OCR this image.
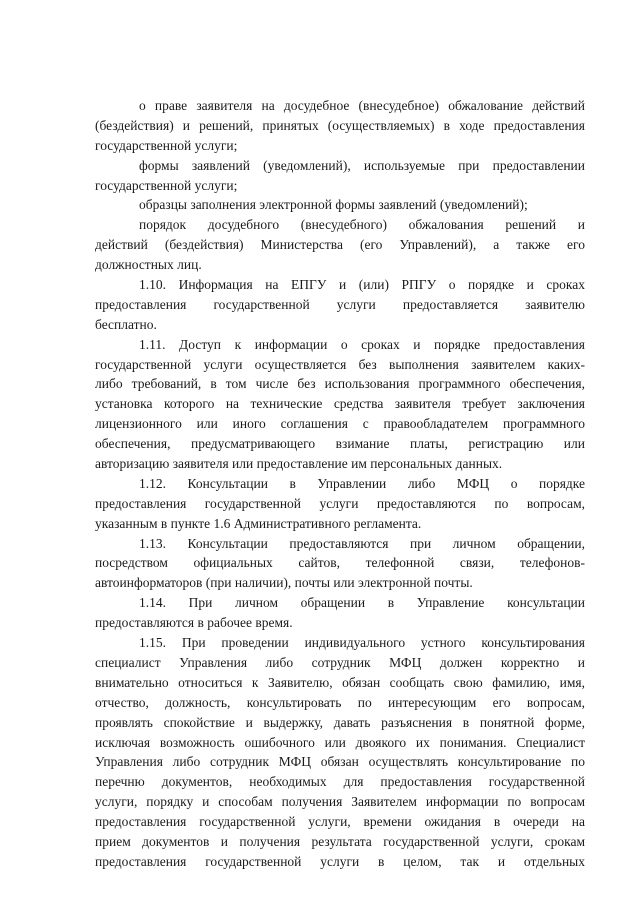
о праве заявителя на досудебное (внесудебное) обжалование действий
(бездействия) и решений, принятых (осуществляемых) в ходе предоставления
государственной услуги;
формы заявлений (уведомлений), используемые при предоставлении
государственной услуги;
образцы заполнения электронной формы заявлений (уведомлений);
порядок досудебного (внесудебного) обжалования решений и
действий (бездействия) Министерства (его Управлений), а также его
должностных лиц.
1.10. Информация на ЕПГУ и (или) РПГУ о порядке и сроках
предоставления государственной услуги предоставляется заявителю
бесплатно.
1.11. Доступ к информации о сроках и порядке предоставления
государственной услуги осуществляется без выполнения заявителем каких-
либо требований, в том числе без использования программного обеспечения,
установка которого на технические средства заявителя требует заключения
лицензионного или иного соглашения с правообладателем программного
обеспечения, предусматривающего взимание платы, регистрацию или
авторизацию заявителя или предоставление им персональных данных.
1.12. Консультации в Управлении либо МФЦ о порядке
предоставления государственной услуги предоставляются по вопросам,
указанным в пункте 1.6 Административного регламента.
1.13. Консультации предоставляются при личном обращении,
посредством официальных сайтов, телефонной связи, телефонов-
автоинформаторов (при наличии), почты или электронной почты.
1.14. При личном обращении в Управление консультации
предоставляются в рабочее время.
1.15. При проведении индивидуального устного консультирования
специалист Управления либо сотрудник МФЦ должен корректно и
внимательно относиться к Заявителю, обязан сообщать свою фамилию, имя,
отчество, должность, консультировать по интересующим его вопросам,
проявлять спокойствие и выдержку, давать разъяснения в понятной форме,
исключая возможность ошибочного или двоякого их понимания. Специалист
Управления либо сотрудник МФЦ обязан осуществлять консультирование по
перечню документов, необходимых для предоставления государственной
услуги, порядку и способам получения Заявителем информации по вопросам
предоставления государственной услуги, времени ожидания в очереди на
прием документов и получения результата государственной услуги, срокам
предоставления государственной услуги в целом, так и отдельных
